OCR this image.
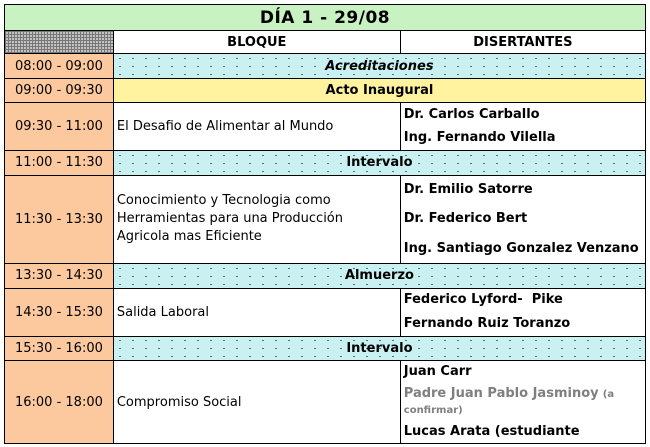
DÍA 1 - 29/08		
	BLOQUE	DISERTANTES
08:00 - 09:00	Acreditaciones	
09:00 - 09:30	Acto Inaugural	
09:30 - 11:00	El Desafio de Alimentar al Mundo	Dr. Carlos Carballo
Ing. Fernando Vilella

11:00 - 11:30	Intervalo	
11:30 - 13:30	Conocimiento y Tecnologia como Herramientas para una Producción Agricola mas Eficiente	Dr. Emilio Satorre
Dr. Federico Bert
Ing. Santiago Gonzalez Venzano

13:30 - 14:30	Almuerzo	
14:30 - 15:30	Salida Laboral	Federico Lyford-  Pike
Fernando Ruiz Toranzo

15:30 - 16:00	Intervalo	
16:00 - 18:00	Compromiso Social	Juan Carr
Padre Juan Pablo Jasminoy (a confirmar)
Lucas Arata (estudiante
